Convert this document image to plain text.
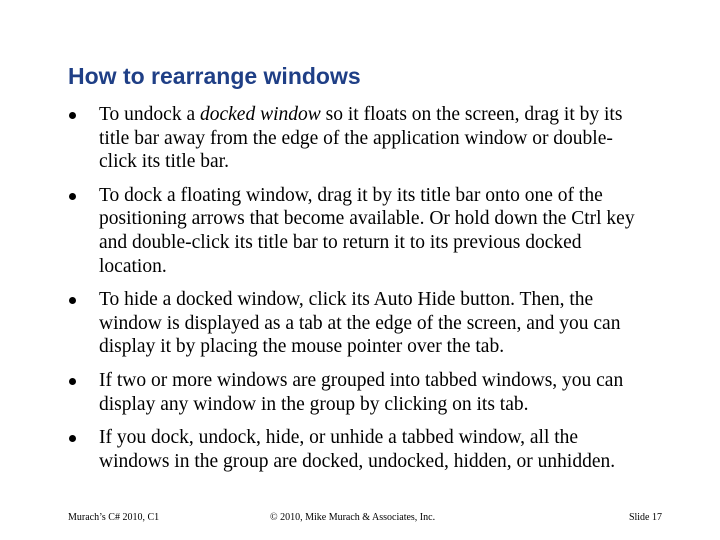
How to rearrange windows
To undock a docked window so it floats on the screen, drag it by its title bar away from the edge of the application window or double-click its title bar.
To dock a floating window, drag it by its title bar onto one of the positioning arrows that become available. Or hold down the Ctrl key and double-click its title bar to return it to its previous docked location.
To hide a docked window, click its Auto Hide button. Then, the window is displayed as a tab at the edge of the screen, and you can display it by placing the mouse pointer over the tab.
If two or more windows are grouped into tabbed windows, you can display any window in the group by clicking on its tab.
If you dock, undock, hide, or unhide a tabbed window, all the windows in the group are docked, undocked, hidden, or unhidden.
Murach’s C# 2010, C1	© 2010, Mike Murach & Associates, Inc.	Slide 17
